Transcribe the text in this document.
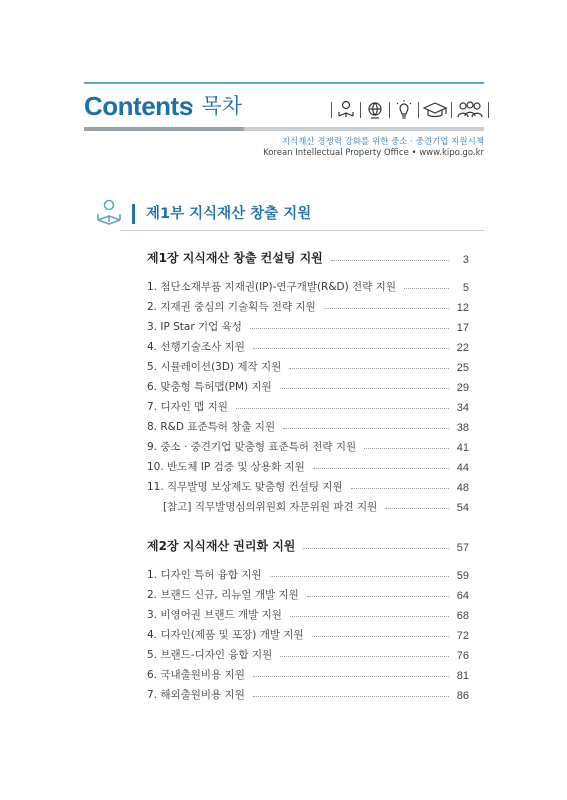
Contents
· 목차
지식재산 경쟁력 강화를 위한 중소 · 중견기업 지원시책
Korean Intellectual Property Office • www.kipo.go.kr
제1부 지식재산 창출 지원
제1장 지식재산 창출 컨설팅 지원	3
1. 첨단소재부품 지재권(IP)-연구개발(R&D) 전략 지원	5
2. 지재권 중심의 기술획득 전략 지원	12
3. IP Star 기업 육성	17
4. 선행기술조사 지원	22
5. 시뮬레이션(3D) 제작 지원	25
6. 맞춤형 특허맵(PM) 지원	29
7. 디자인 맵 지원	34
8. R&D 표준특허 창출 지원	38
9. 중소 · 중견기업 맞춤형 표준특허 전략 지원	41
10. 반도체 IP 검증 및 상용화 지원	44
11. 직무발명 보상제도 맞춤형 컨설팅 지원	48
[참고] 직무발명심의위원회 자문위원 파견 지원	54
제2장 지식재산 권리화 지원	57
1. 디자인 특허 융합 지원	59
2. 브랜드 신규, 리뉴얼 개발 지원	64
3. 비영어권 브랜드 개발 지원	68
4. 디자인(제품 및 포장) 개발 지원	72
5. 브랜드-디자인 융합 지원	76
6. 국내출원비용 지원	81
7. 해외출원비용 지원	86
